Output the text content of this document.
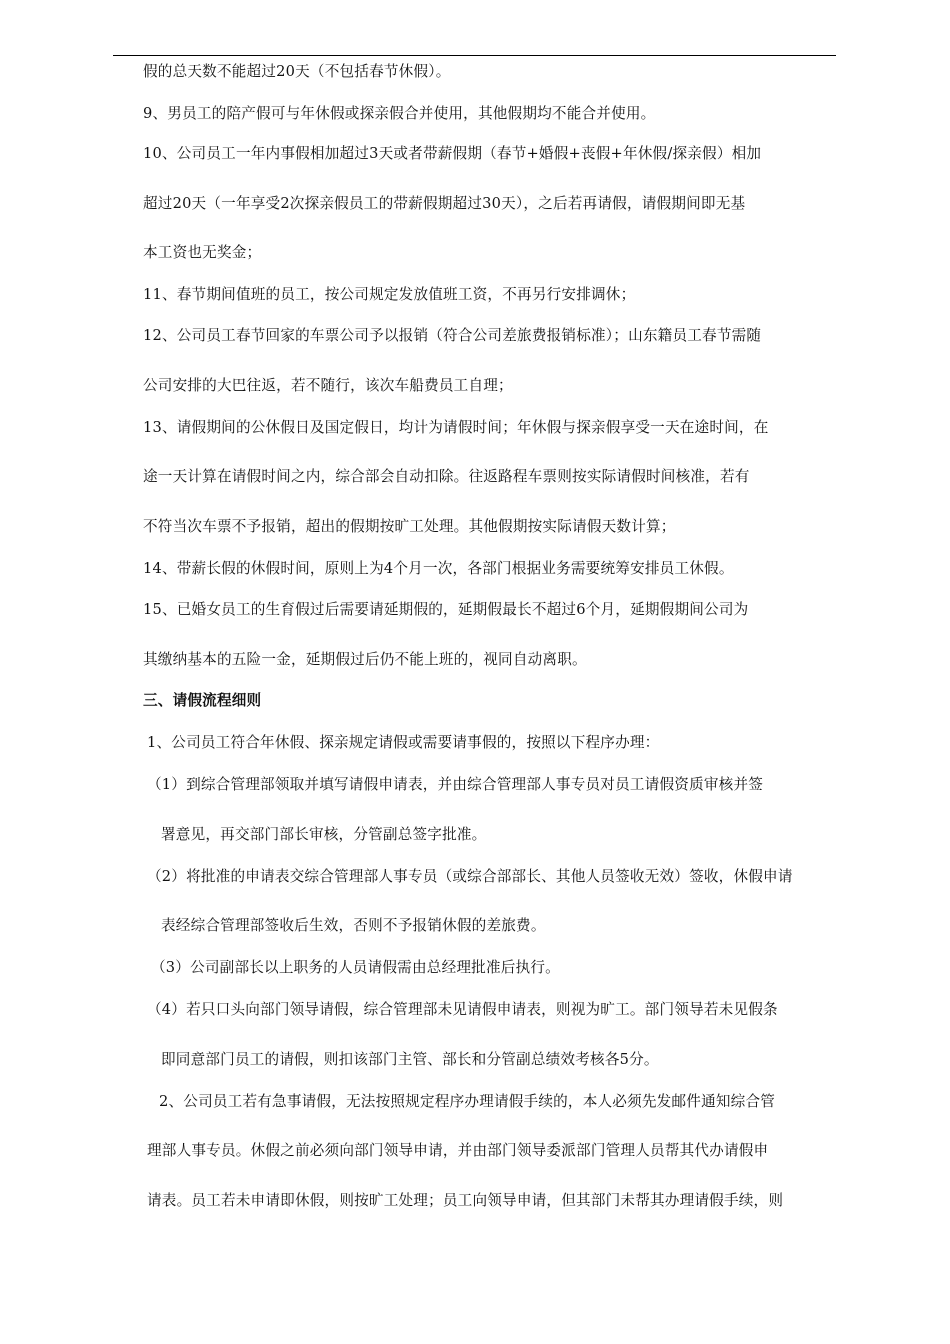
假的总天数不能超过20天（不包括春节休假）。
9、男员工的陪产假可与年休假或探亲假合并使用，其他假期均不能合并使用。
10、公司员工一年内事假相加超过3天或者带薪假期（春节+婚假+丧假+年休假/探亲假）相加
超过20天（一年享受2次探亲假员工的带薪假期超过30天），之后若再请假，请假期间即无基
本工资也无奖金；
11、春节期间值班的员工，按公司规定发放值班工资，不再另行安排调休；
12、公司员工春节回家的车票公司予以报销（符合公司差旅费报销标准）；山东籍员工春节需随
公司安排的大巴往返，若不随行，该次车船费员工自理；
13、请假期间的公休假日及国定假日，均计为请假时间；年休假与探亲假享受一天在途时间，在
途一天计算在请假时间之内，综合部会自动扣除。往返路程车票则按实际请假时间核准，若有
不符当次车票不予报销，超出的假期按旷工处理。其他假期按实际请假天数计算；
14、带薪长假的休假时间，原则上为4个月一次，各部门根据业务需要统筹安排员工休假。
15、已婚女员工的生育假过后需要请延期假的，延期假最长不超过6个月，延期假期间公司为
其缴纳基本的五险一金，延期假过后仍不能上班的，视同自动离职。
三、请假流程细则
1、公司员工符合年休假、探亲规定请假或需要请事假的，按照以下程序办理：
（1）到综合管理部领取并填写请假申请表，并由综合管理部人事专员对员工请假资质审核并签
署意见，再交部门部长审核，分管副总签字批准。
（2）将批准的申请表交综合管理部人事专员（或综合部部长、其他人员签收无效）签收，休假申请
表经综合管理部签收后生效，否则不予报销休假的差旅费。
（3）公司副部长以上职务的人员请假需由总经理批准后执行。
（4）若只口头向部门领导请假，综合管理部未见请假申请表，则视为旷工。部门领导若未见假条
即同意部门员工的请假，则扣该部门主管、部长和分管副总绩效考核各5分。
2、公司员工若有急事请假，无法按照规定程序办理请假手续的，本人必须先发邮件通知综合管
理部人事专员。休假之前必须向部门领导申请，并由部门领导委派部门管理人员帮其代办请假申
请表。员工若未申请即休假，则按旷工处理；员工向领导申请，但其部门未帮其办理请假手续，则
